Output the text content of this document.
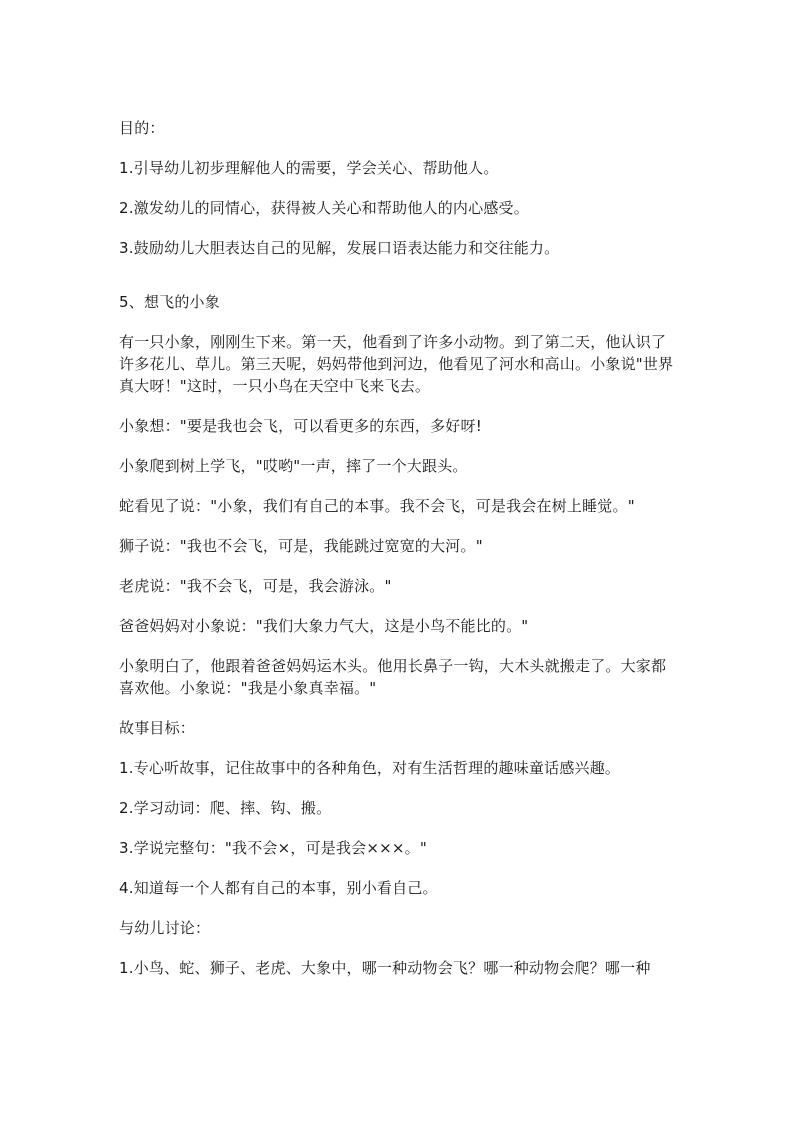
目的：

1.引导幼儿初步理解他人的需要，学会关心、帮助他人。

2.激发幼儿的同情心，获得被人关心和帮助他人的内心感受。

3.鼓励幼儿大胆表达自己的见解，发展口语表达能力和交往能力。

5、想飞的小象

有一只小象，刚刚生下来。第一天，他看到了许多小动物。到了第二天，他认识了许多花儿、草儿。第三天呢，妈妈带他到河边，他看见了河水和高山。小象说"世界真大呀！"这时，一只小鸟在天空中飞来飞去。

小象想："要是我也会飞，可以看更多的东西，多好呀!

小象爬到树上学飞，"哎哟"一声，摔了一个大跟头。

蛇看见了说："小象，我们有自己的本事。我不会飞，可是我会在树上睡觉。"

狮子说："我也不会飞，可是，我能跳过宽宽的大河。"

老虎说："我不会飞，可是，我会游泳。"

爸爸妈妈对小象说："我们大象力气大，这是小鸟不能比的。"

小象明白了，他跟着爸爸妈妈运木头。他用长鼻子一钩，大木头就搬走了。大家都喜欢他。小象说："我是小象真幸福。"

故事目标：

1.专心听故事，记住故事中的各种角色，对有生活哲理的趣味童话感兴趣。

2.学习动词：爬、摔、钩、搬。

3.学说完整句："我不会×，可是我会×××。"

4.知道每一个人都有自己的本事，别小看自己。

与幼儿讨论：

1.小鸟、蛇、狮子、老虎、大象中，哪一种动物会飞？哪一种动物会爬？哪一种
